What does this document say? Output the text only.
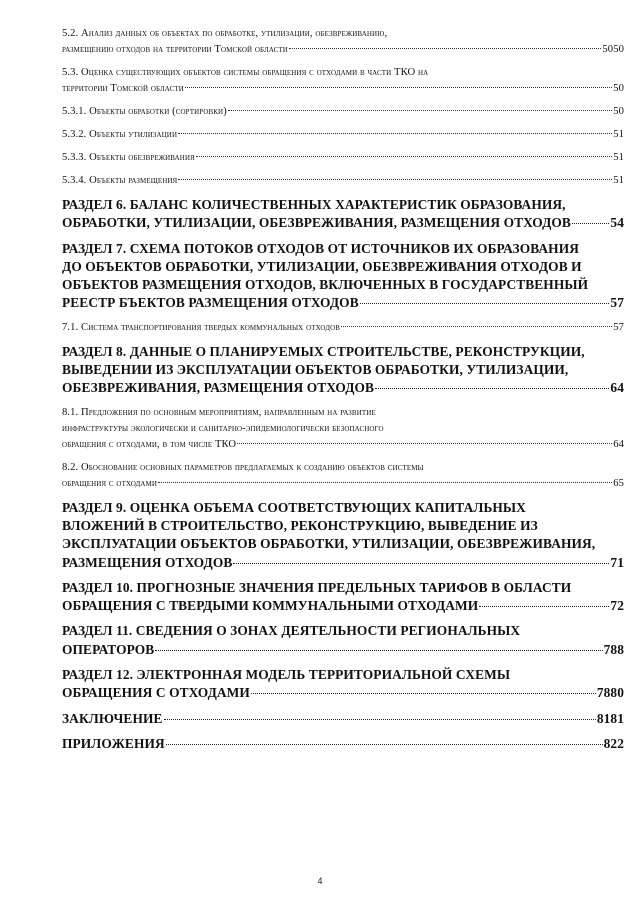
5.2. Анализ данных об объектах по обработке, утилизации, обезвреживанию,
размещению отходов на территории Томской области	5050
5.3. Оценка существующих объектов системы обращения с отходами в части ТКО на
территории Томской области	50
5.3.1. Объекты обработки (сортировки)	50
5.3.2. Объекты утилизации	51
5.3.3. Объекты обезвреживания	51
5.3.4. Объекты размещения	51
РАЗДЕЛ 6. БАЛАНС КОЛИЧЕСТВЕННЫХ ХАРАКТЕРИСТИК ОБРАЗОВАНИЯ,
ОБРАБОТКИ, УТИЛИЗАЦИИ, ОБЕЗВРЕЖИВАНИЯ, РАЗМЕЩЕНИЯ ОТХОДОВ	54
РАЗДЕЛ 7. СХЕМА ПОТОКОВ ОТХОДОВ ОТ ИСТОЧНИКОВ ИХ ОБРАЗОВАНИЯ
ДО ОБЪЕКТОВ ОБРАБОТКИ, УТИЛИЗАЦИИ, ОБЕЗВРЕЖИВАНИЯ ОТХОДОВ И
ОБЪЕКТОВ РАЗМЕЩЕНИЯ ОТХОДОВ, ВКЛЮЧЕННЫХ В ГОСУДАРСТВЕННЫЙ
РЕЕСТР БЪЕКТОВ РАЗМЕЩЕНИЯ ОТХОДОВ	57
7.1. Система транспортирования твердых коммунальных отходов	57
РАЗДЕЛ 8. ДАННЫЕ О ПЛАНИРУЕМЫХ СТРОИТЕЛЬСТВЕ, РЕКОНСТРУКЦИИ,
ВЫВЕДЕНИИ ИЗ ЭКСПЛУАТАЦИИ ОБЪЕКТОВ ОБРАБОТКИ, УТИЛИЗАЦИИ,
ОБЕЗВРЕЖИВАНИЯ, РАЗМЕЩЕНИЯ ОТХОДОВ	64
8.1. Предложения по основным мероприятиям, направленным на развитие
инфраструктуры экологически и санитарно-эпидемиологически безопасного
обращения с отходами, в том числе ТКО	64
8.2. Обоснование основных параметров предлагаемых к созданию объектов системы
обращения с отходами	65
РАЗДЕЛ 9. ОЦЕНКА ОБЪЕМА СООТВЕТСТВУЮЩИХ КАПИТАЛЬНЫХ
ВЛОЖЕНИЙ В СТРОИТЕЛЬСТВО, РЕКОНСТРУКЦИЮ, ВЫВЕДЕНИЕ ИЗ
ЭКСПЛУАТАЦИИ ОБЪЕКТОВ ОБРАБОТКИ, УТИЛИЗАЦИИ, ОБЕЗВРЕЖИВАНИЯ,
РАЗМЕЩЕНИЯ ОТХОДОВ	71
РАЗДЕЛ 10. ПРОГНОЗНЫЕ ЗНАЧЕНИЯ ПРЕДЕЛЬНЫХ ТАРИФОВ В ОБЛАСТИ
ОБРАЩЕНИЯ С ТВЕРДЫМИ КОММУНАЛЬНЫМИ ОТХОДАМИ	72
РАЗДЕЛ 11. СВЕДЕНИЯ О ЗОНАХ ДЕЯТЕЛЬНОСТИ РЕГИОНАЛЬНЫХ
ОПЕРАТОРОВ	788
РАЗДЕЛ 12. ЭЛЕКТРОННАЯ МОДЕЛЬ ТЕРРИТОРИАЛЬНОЙ СХЕМЫ
ОБРАЩЕНИЯ С ОТХОДАМИ	7880
ЗАКЛЮЧЕНИЕ	8181
ПРИЛОЖЕНИЯ	822
4
